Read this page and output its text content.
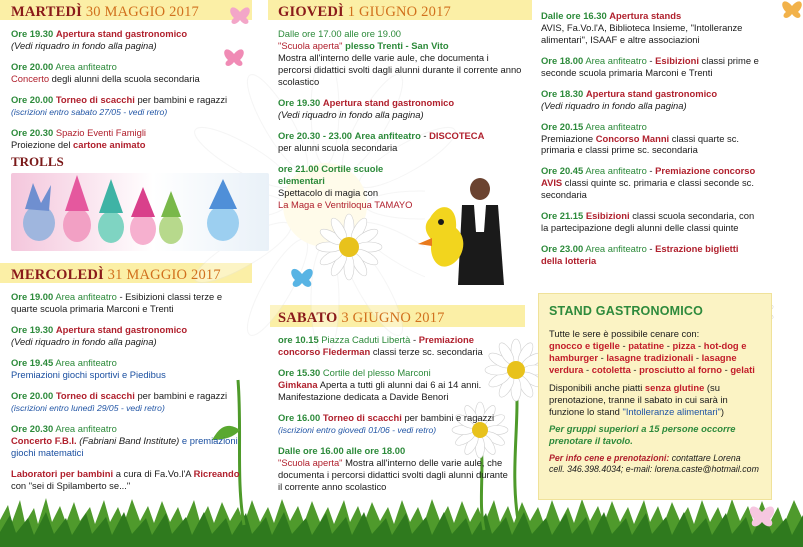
MARTEDÌ 30 MAGGIO 2017

Ore 19.30 Apertura stand gastronomico

(Vedi riquadro in fondo alla pagina)

Ore 20.00 Area anfiteatro

Concerto degli alunni della scuola secondaria

Ore 20.00 Torneo di scacchi per bambini e ragazzi (iscrizioni entro sabato 27/05 - vedi retro)

Ore 20.30 Spazio Eventi Famigli

Proiezione del cartone animato

TROLLS
MERCOLEDÌ 31 MAGGIO 2017

Ore 19.00 Area anfiteatro - Esibizioni classi terze e quarte scuola primaria Marconi e Trenti

Ore 19.30 Apertura stand gastronomico

(Vedi riquadro in fondo alla pagina)

Ore 19.45 Area anfiteatro

Premiazioni giochi sportivi e Piedibus

Ore 20.00 Torneo di scacchi per bambini e ragazzi (iscrizioni entro lunedì 29/05 - vedi retro)

Ore 20.30 Area anfiteatro

Concerto F.B.I. (Fabriani Band Institute) e premiazioni giochi matematici

Laboratori per bambini a cura di Fa.Vo.l'A Ricreando con "sei di Spilamberto se..."

GIOVEDÌ 1 GIUGNO 2017

Dalle ore 17.00 alle ore 19.00

"Scuola aperta" plesso Trenti - San Vito

Mostra all'interno delle varie aule, che documenta i percorsi didattici svolti dagli alunni durante il corrente anno scolastico

Ore 19.30 Apertura stand gastronomico

(Vedi riquadro in fondo alla pagina)

Ore 20.30 - 23.00 Area anfiteatro - DISCOTECA

per alunni scuola secondaria

ore 21.00 Cortile scuole elementari

Spettacolo di magia con

La Maga e Ventriloqua TAMAYO

SABATO 3 GIUGNO 2017

ore 10.15 Piazza Caduti Libertà - Premiazione concorso Flederman classi terze sc. secondaria

Ore 15.30 Cortile del plesso Marconi

Gimkana Aperta a tutti gli alunni dai 6 ai 14 anni. Manifestazione dedicata a Davide Benori

Ore 16.00 Torneo di scacchi per bambini e ragazzi (iscrizioni entro giovedì 01/06 - vedi retro)

Dalle ore 16.00 alle ore 18.00

"Scuola aperta" Mostra all'interno delle varie aule, che documenta i percorsi didattici svolti dagli alunni durante il corrente anno scolastico

Dalle ore 16.30 Apertura stands

AVIS, Fa.Vo.l'A, Biblioteca Insieme, "Intolleranze alimentari", ISAAF e altre associazioni

Ore 18.00 Area anfiteatro - Esibizioni classi prime e seconde scuola primaria Marconi e Trenti

Ore 18.30 Apertura stand gastronomico

(Vedi riquadro in fondo alla pagina)

Ore 20.15 Area anfiteatro

Premiazione Concorso Manni classi quarte sc. primaria e classi prime sc. secondaria

Ore 20.45 Area anfiteatro - Premiazione concorso AVIS classi quinte sc. primaria e classi seconde sc. secondaria

Ore 21.15 Esibizioni classi scuola secondaria, con la partecipazione degli alunni delle classi quinte

Ore 23.00 Area anfiteatro - Estrazione biglietti della lotteria

STAND GASTRONOMICO

Tutte le sere è possibile cenare con:
gnocco e tigelle - patatine - pizza - hot-dog e hamburger - lasagne tradizionali - lasagne verdura - cotoletta - prosciutto al forno - gelati

Disponibili anche piatti senza glutine (su prenotazione, tranne il sabato in cui sarà in funzione lo stand "Intolleranze alimentari")

Per gruppi superiori a 15 persone occorre prenotare il tavolo.

Per info cene e prenotazioni: contattare Lorena

cell. 346.398.4034; e-mail: lorena.caste@hotmail.com
